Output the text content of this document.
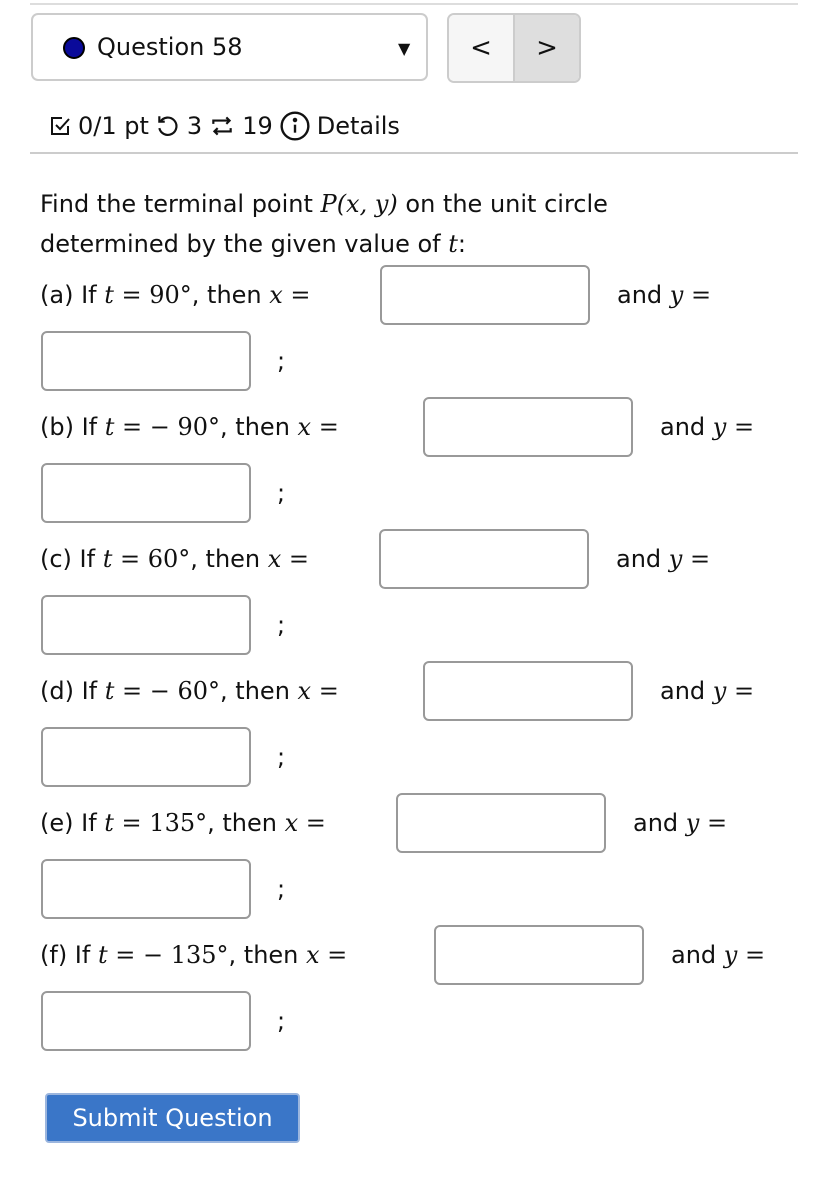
Question 58	▼	<	>
0/1 pt 3 19 Details
Find the terminal point P(x, y) on the unit circle
determined by the given value of t:
(a) If t = 90°, then x =	and y =
;
(b) If t = − 90°, then x =	and y =
;
(c) If t = 60°, then x =	and y =
;
(d) If t = − 60°, then x =	and y =
;
(e) If t = 135°, then x =	and y =
;
(f) If t = − 135°, then x =	and y =
;
Submit Question
